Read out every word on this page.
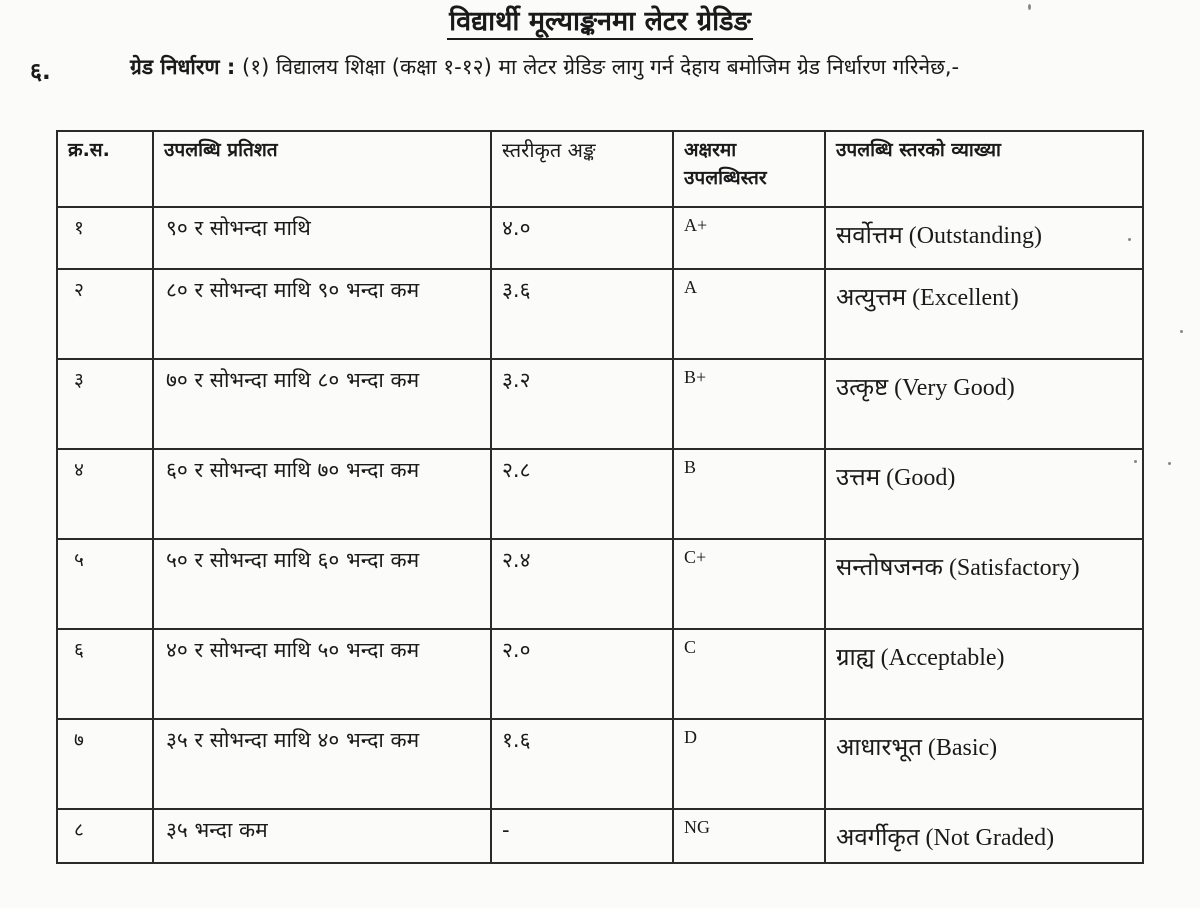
विद्यार्थी मूल्याङ्कनमा लेटर ग्रेडिङ
६.	ग्रेड निर्धारण : (१) विद्यालय शिक्षा (कक्षा १-१२) मा लेटर ग्रेडिङ लागु गर्न देहाय बमोजिम ग्रेड निर्धारण गरिनेछ,-
क्र.स.	उपलब्धि प्रतिशत	स्तरीकृत अङ्क	अक्षरमा उपलब्धिस्तर	उपलब्धि स्तरको व्याख्या
१	९० र सोभन्दा माथि	४.०	A+	सर्वोत्तम (Outstanding)
२	८० र सोभन्दा माथि ९० भन्दा कम	३.६	A	अत्युत्तम (Excellent)
३	७० र सोभन्दा माथि ८० भन्दा कम	३.२	B+	उत्कृष्ट (Very Good)
४	६० र सोभन्दा माथि ७० भन्दा कम	२.८	B	उत्तम (Good)
५	५० र सोभन्दा माथि ६० भन्दा कम	२.४	C+	सन्तोषजनक (Satisfactory)
६	४० र सोभन्दा माथि ५० भन्दा कम	२.०	C	ग्राह्य (Acceptable)
७	३५ र सोभन्दा माथि ४० भन्दा कम	१.६	D	आधारभूत (Basic)
८	३५ भन्दा कम	-	NG	अवर्गीकृत (Not Graded)
